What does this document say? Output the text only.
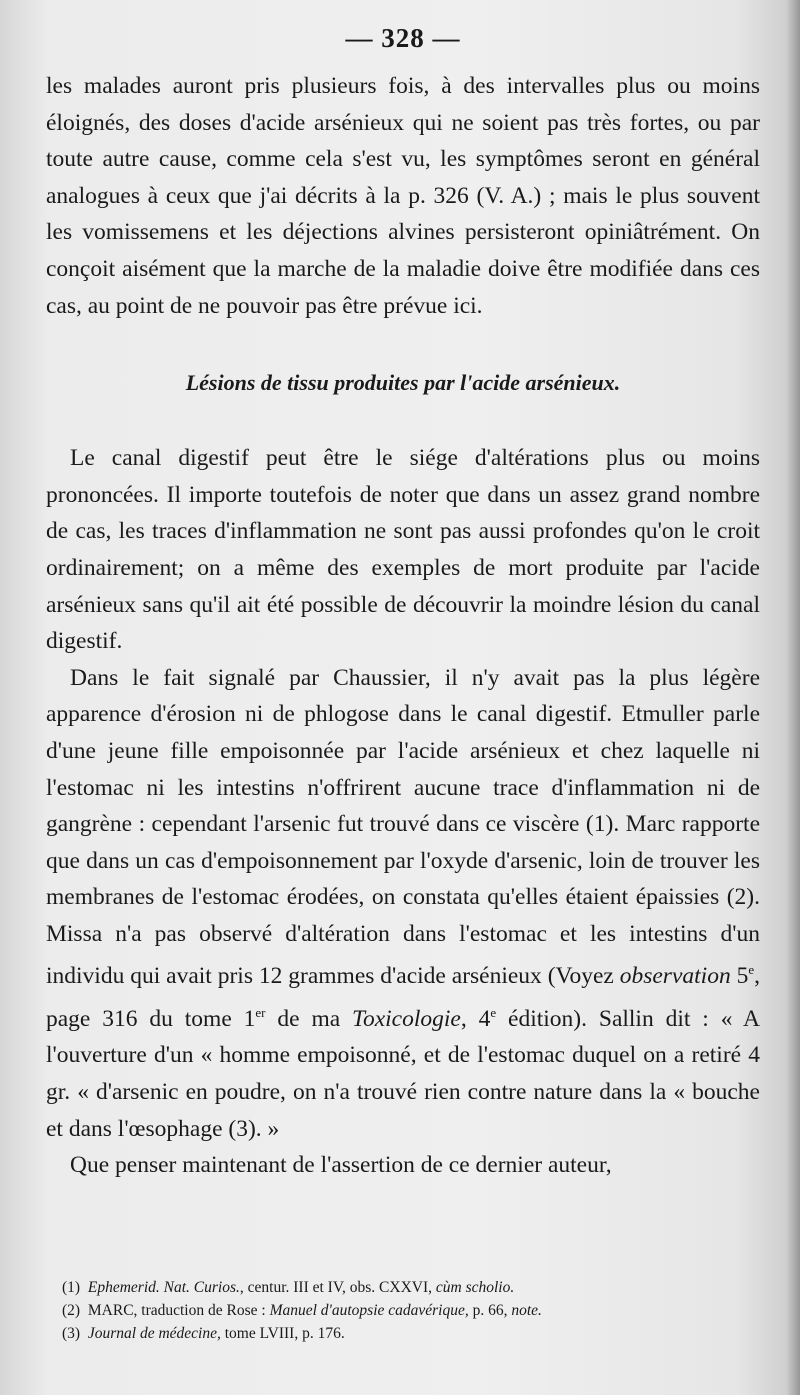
— 328 —

les malades auront pris plusieurs fois, à des intervalles plus ou moins éloignés, des doses d'acide arsénieux qui ne soient pas très fortes, ou par toute autre cause, comme cela s'est vu, les symptômes seront en général analogues à ceux que j'ai décrits à la p. 326 (V. A.) ; mais le plus souvent les vomissemens et les déjections alvines persisteront opiniâtrément. On conçoit aisément que la marche de la maladie doive être modifiée dans ces cas, au point de ne pouvoir pas être prévue ici.

Lésions de tissu produites par l'acide arsénieux.

Le canal digestif peut être le siége d'altérations plus ou moins prononcées. Il importe toutefois de noter que dans un assez grand nombre de cas, les traces d'inflammation ne sont pas aussi profondes qu'on le croit ordinairement; on a même des exemples de mort produite par l'acide arsénieux sans qu'il ait été possible de découvrir la moindre lésion du canal digestif.

Dans le fait signalé par Chaussier, il n'y avait pas la plus légère apparence d'érosion ni de phlogose dans le canal digestif. Etmuller parle d'une jeune fille empoisonnée par l'acide arsénieux et chez laquelle ni l'estomac ni les intestins n'offrirent aucune trace d'inflammation ni de gangrène : cependant l'arsenic fut trouvé dans ce viscère (1). Marc rapporte que dans un cas d'empoisonnement par l'oxyde d'arsenic, loin de trouver les membranes de l'estomac érodées, on constata qu'elles étaient épaissies (2). Missa n'a pas observé d'altération dans l'estomac et les intestins d'un individu qui avait pris 12 grammes d'acide arsénieux (Voyez observation 5e, page 316 du tome 1er de ma Toxicologie, 4e édition). Sallin dit : « A l'ouverture d'un « homme empoisonné, et de l'estomac duquel on a retiré 4 gr. « d'arsenic en poudre, on n'a trouvé rien contre nature dans la « bouche et dans l'œsophage (3). »

Que penser maintenant de l'assertion de ce dernier auteur,

(1) Ephemerid. Nat. Curios., centur. III et IV, obs. CXXVI, cùm scholio.

(2) MARC, traduction de Rose : Manuel d'autopsie cadavérique, p. 66, note.

(3) Journal de médecine, tome LVIII, p. 176.
